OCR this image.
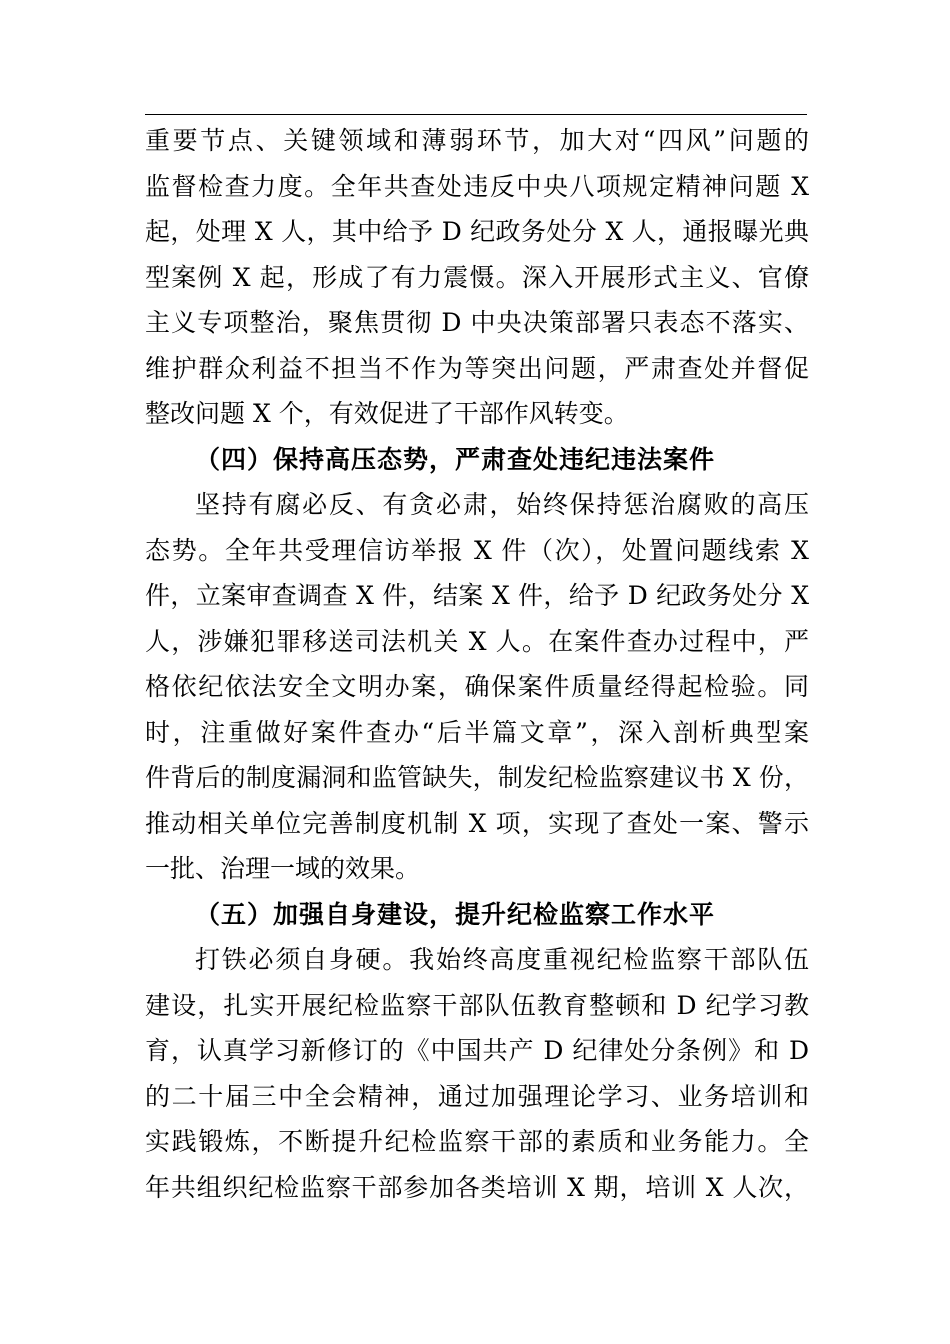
重要节点、关键领域和薄弱环节，加大对“四风”问题的
监督检查力度。全年共查处违反中央八项规定精神问题 X
起，处理 X 人，其中给予 D 纪政务处分 X 人，通报曝光典
型案例 X 起，形成了有力震慑。深入开展形式主义、官僚
主义专项整治，聚焦贯彻 D 中央决策部署只表态不落实、
维护群众利益不担当不作为等突出问题，严肃查处并督促
整改问题 X 个，有效促进了干部作风转变。
（四）保持高压态势，严肃查处违纪违法案件
坚持有腐必反、有贪必肃，始终保持惩治腐败的高压
态势。全年共受理信访举报 X 件（次），处置问题线索 X
件，立案审查调查 X 件，结案 X 件，给予 D 纪政务处分 X
人，涉嫌犯罪移送司法机关 X 人。在案件查办过程中，严
格依纪依法安全文明办案，确保案件质量经得起检验。同
时，注重做好案件查办“后半篇文章”，深入剖析典型案
件背后的制度漏洞和监管缺失，制发纪检监察建议书 X 份，
推动相关单位完善制度机制 X 项，实现了查处一案、警示
一批、治理一域的效果。
（五）加强自身建设，提升纪检监察工作水平
打铁必须自身硬。我始终高度重视纪检监察干部队伍
建设，扎实开展纪检监察干部队伍教育整顿和 D 纪学习教
育，认真学习新修订的《中国共产 D 纪律处分条例》和 D
的二十届三中全会精神，通过加强理论学习、业务培训和
实践锻炼，不断提升纪检监察干部的素质和业务能力。全
年共组织纪检监察干部参加各类培训 X 期，培训 X 人次，
